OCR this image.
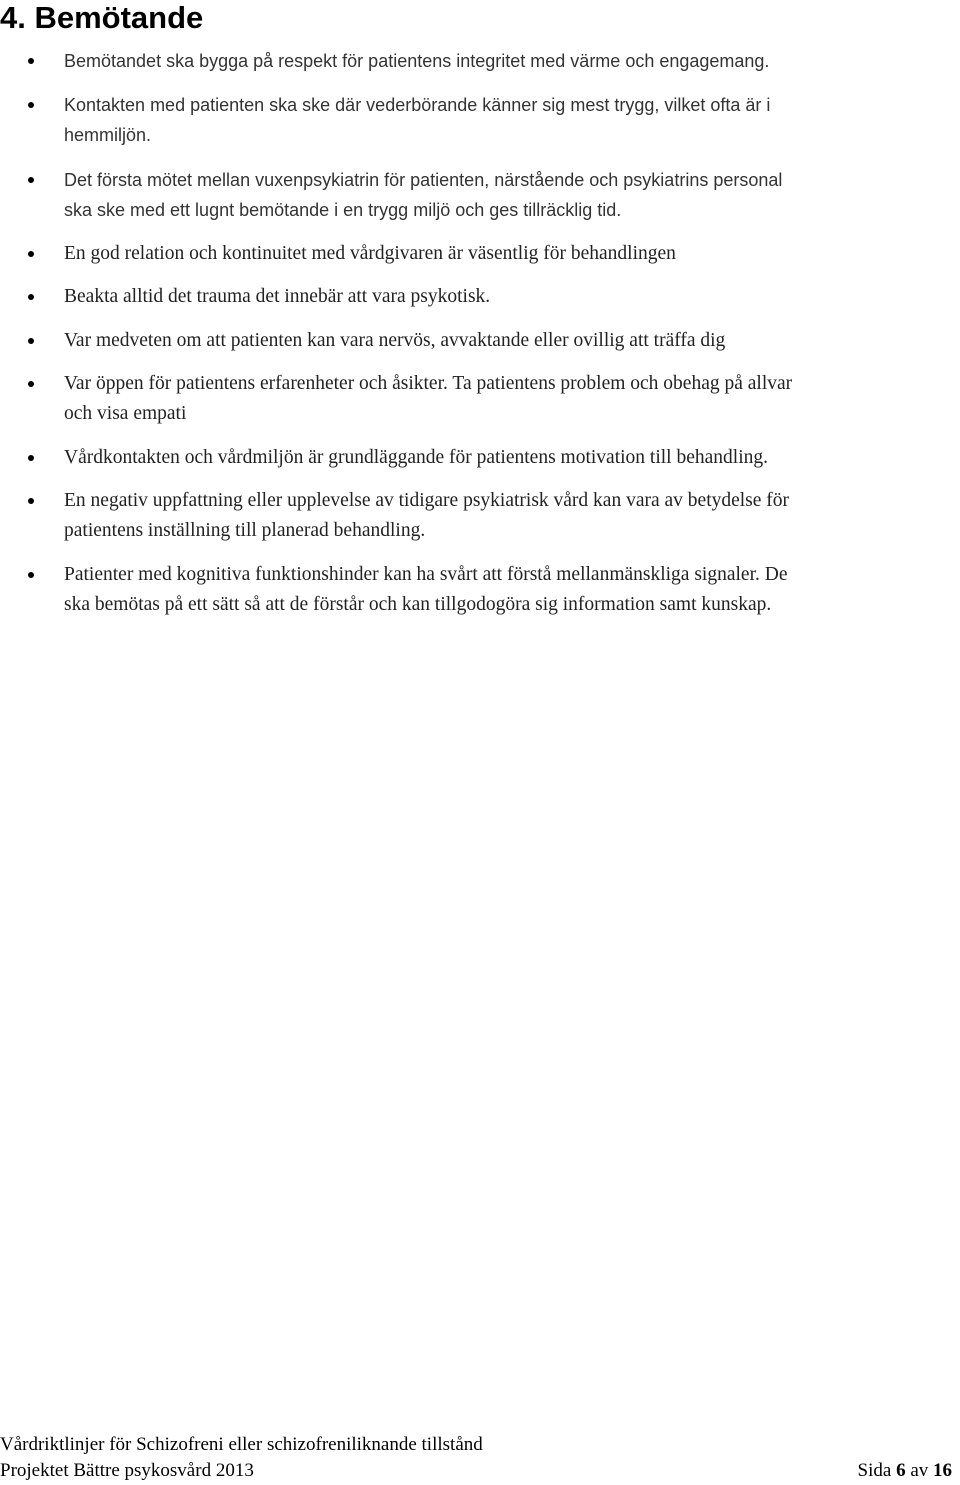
4. Bemötande
Bemötandet ska bygga på respekt för patientens integritet med värme och engagemang.
Kontakten med patienten ska ske där vederbörande känner sig mest trygg, vilket ofta är i
hemmiljön.
Det första mötet mellan vuxenpsykiatrin för patienten, närstående och psykiatrins personal
ska ske med ett lugnt bemötande i en trygg miljö och ges tillräcklig tid.
En god relation och kontinuitet med vårdgivaren är väsentlig för behandlingen
Beakta alltid det trauma det innebär att vara psykotisk.
Var medveten om att patienten kan vara nervös, avvaktande eller ovillig att träffa dig
Var öppen för patientens erfarenheter och åsikter. Ta patientens problem och obehag på allvar
och visa empati
Vårdkontakten och vårdmiljön är grundläggande för patientens motivation till behandling.
En negativ uppfattning eller upplevelse av tidigare psykiatrisk vård kan vara av betydelse för
patientens inställning till planerad behandling.
Patienter med kognitiva funktionshinder kan ha svårt att förstå mellanmänskliga signaler. De
ska bemötas på ett sätt så att de förstår och kan tillgodogöra sig information samt kunskap.
Vårdriktlinjer för Schizofreni eller schizofreniliknande tillstånd
Projektet Bättre psykosvård 2013	Sida 6 av 16
